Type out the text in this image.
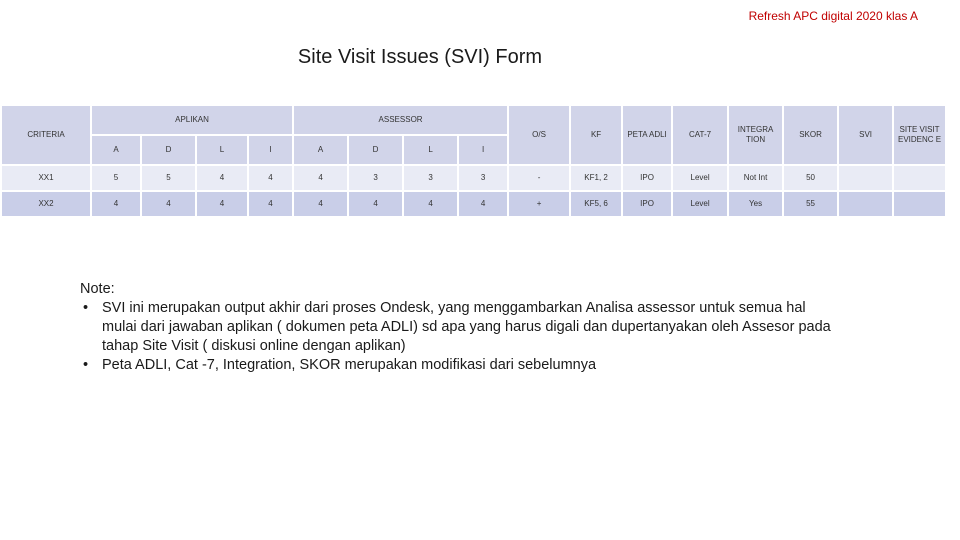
Refresh APC digital 2020 klas A
Site Visit Issues (SVI) Form
CRITERIA	APLIKAN				ASSESSOR				O/S	KF	PETA ADLI	CAT-7	INTEGRA TION	SKOR	SVI	SITE VISIT EVIDENC E
	A	D	L	I	A	D	L	I								
XX1	5	5	4	4	4	3	3	3	-	KF1, 2	IPO	Level	Not Int	50		
XX2	4	4	4	4	4	4	4	4	+	KF5, 6	IPO	Level	Yes	55		

Note:

• SVI ini merupakan output akhir dari proses Ondesk, yang menggambarkan Analisa assessor untuk semua hal mulai dari jawaban aplikan ( dokumen peta ADLI) sd apa yang harus digali dan dupertanyakan oleh Assesor pada tahap Site Visit ( diskusi online dengan aplikan)
• Peta ADLI, Cat -7, Integration, SKOR merupakan modifikasi dari sebelumnya
